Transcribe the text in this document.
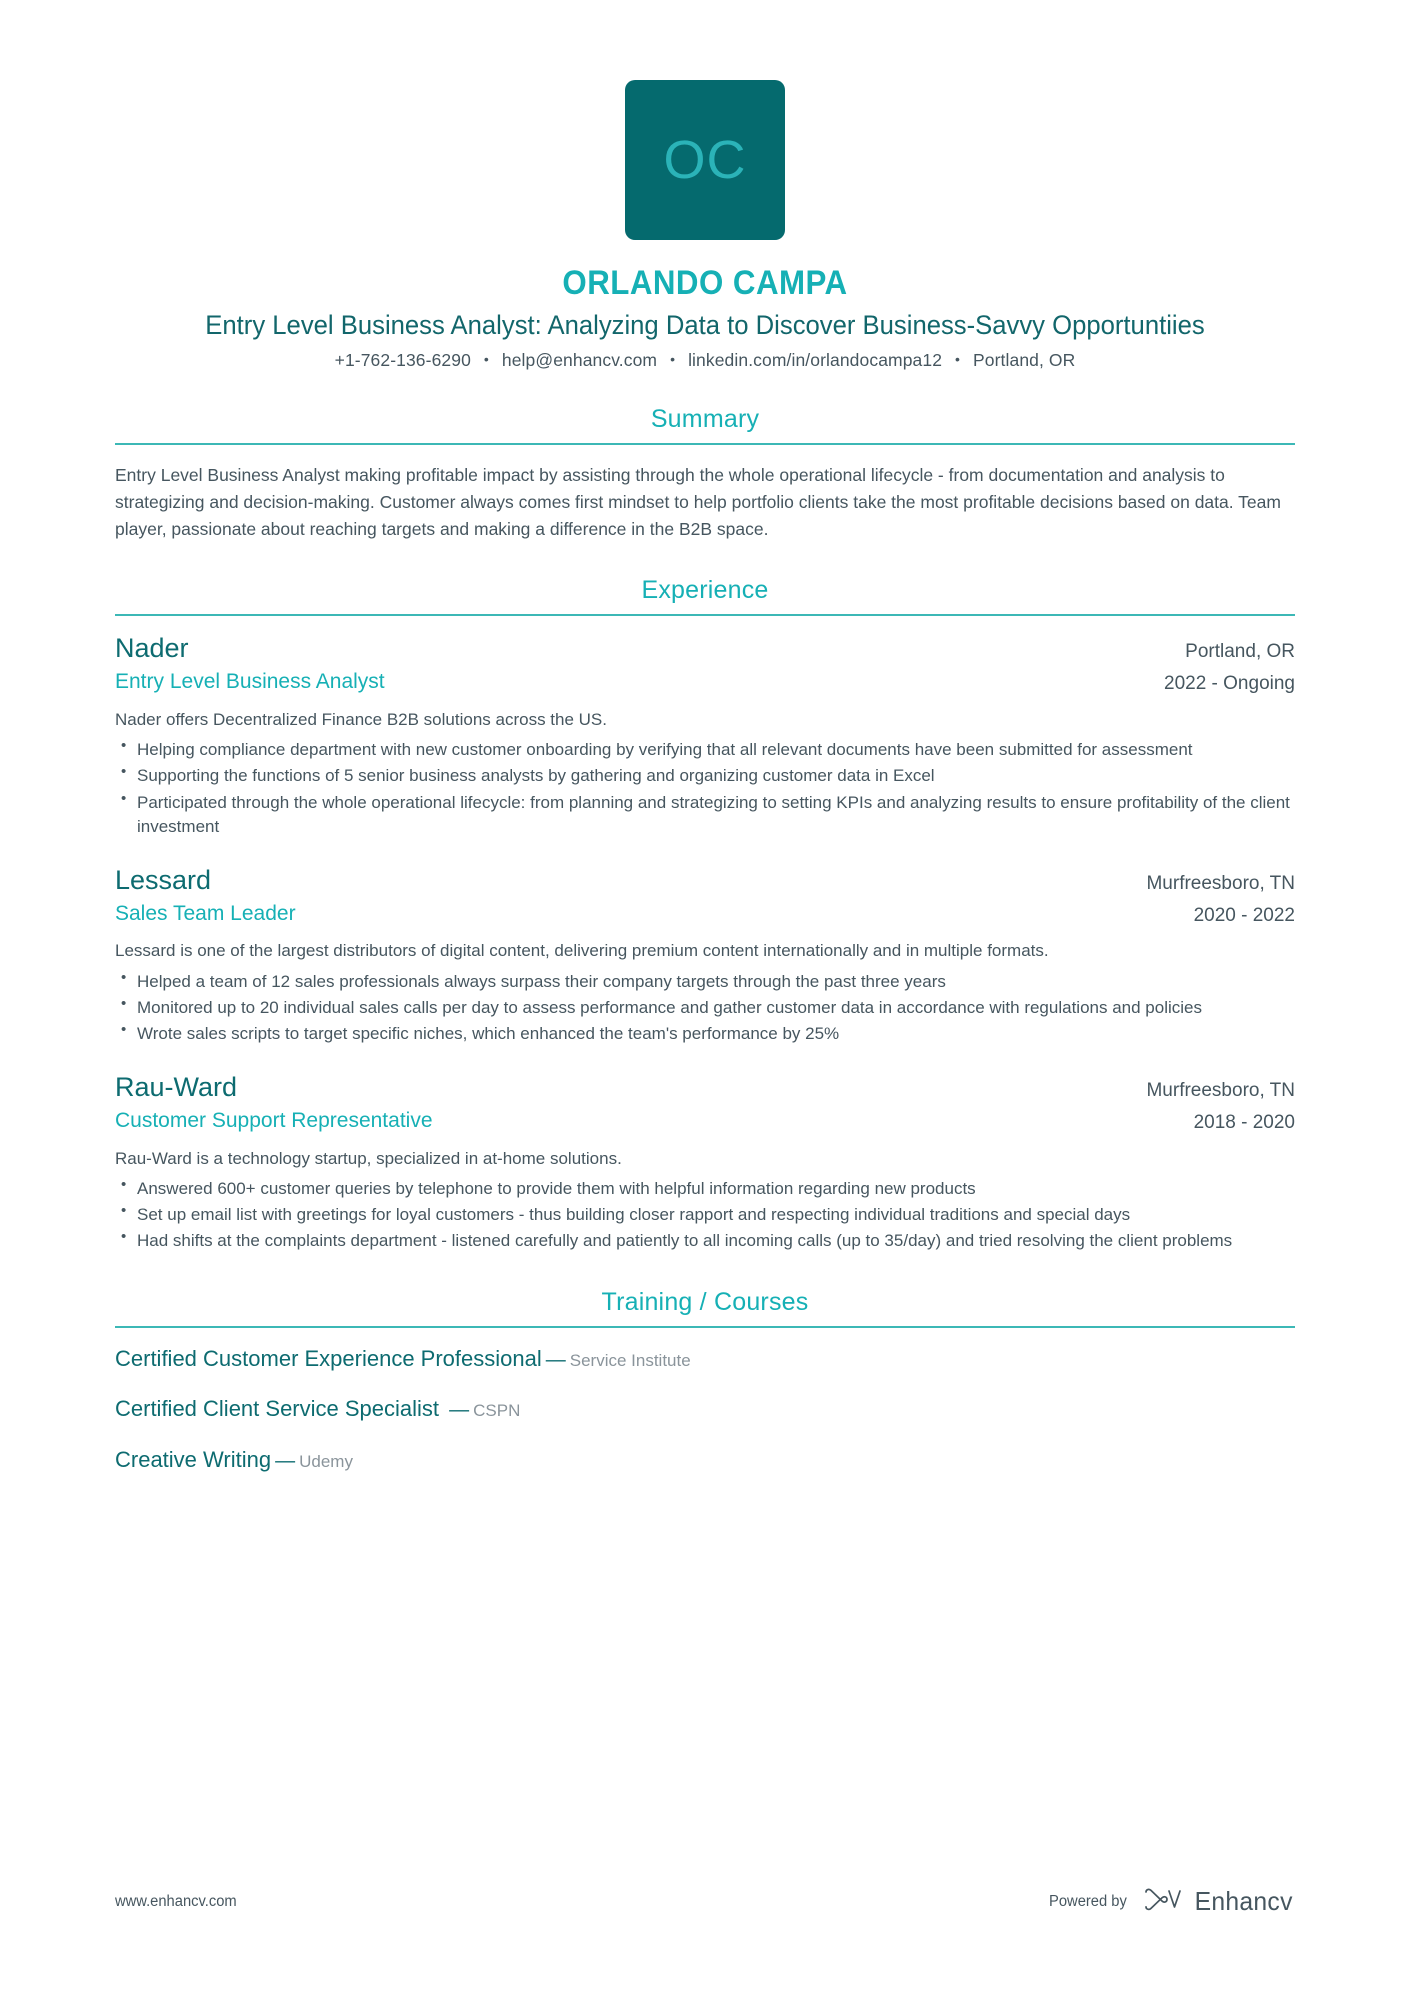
OC
ORLANDO CAMPA
Entry Level Business Analyst: Analyzing Data to Discover Business-Savvy Opportuntiies
+1-762-136-6290 • help@enhancv.com • linkedin.com/in/orlandocampa12 • Portland, OR
Summary
Entry Level Business Analyst making profitable impact by assisting through the whole operational lifecycle - from documentation and analysis to strategizing and decision-making. Customer always comes first mindset to help portfolio clients take the most profitable decisions based on data. Team player, passionate about reaching targets and making a difference in the B2B space.
Experience
Nader
Entry Level Business Analyst
Portland, OR
2022 - Ongoing
Nader offers Decentralized Finance B2B solutions across the US.
• Helping compliance department with new customer onboarding by verifying that all relevant documents have been submitted for assessment
• Supporting the functions of 5 senior business analysts by gathering and organizing customer data in Excel
• Participated through the whole operational lifecycle: from planning and strategizing to setting KPIs and analyzing results to ensure profitability of the client investment
Lessard
Sales Team Leader
Murfreesboro, TN
2020 - 2022
Lessard is one of the largest distributors of digital content, delivering premium content internationally and in multiple formats.
• Helped a team of 12 sales professionals always surpass their company targets through the past three years
• Monitored up to 20 individual sales calls per day to assess performance and gather customer data in accordance with regulations and policies
• Wrote sales scripts to target specific niches, which enhanced the team's performance by 25%
Rau-Ward
Customer Support Representative
Murfreesboro, TN
2018 - 2020
Rau-Ward is a technology startup, specialized in at-home solutions.
• Answered 600+ customer queries by telephone to provide them with helpful information regarding new products
• Set up email list with greetings for loyal customers - thus building closer rapport and respecting individual traditions and special days
• Had shifts at the complaints department - listened carefully and patiently to all incoming calls (up to 35/day) and tried resolving the client problems
Training / Courses
Certified Customer Experience Professional — Service Institute
Certified Client Service Specialist — CSPN
Creative Writing — Udemy
www.enhancv.com	Powered by	Enhancv
